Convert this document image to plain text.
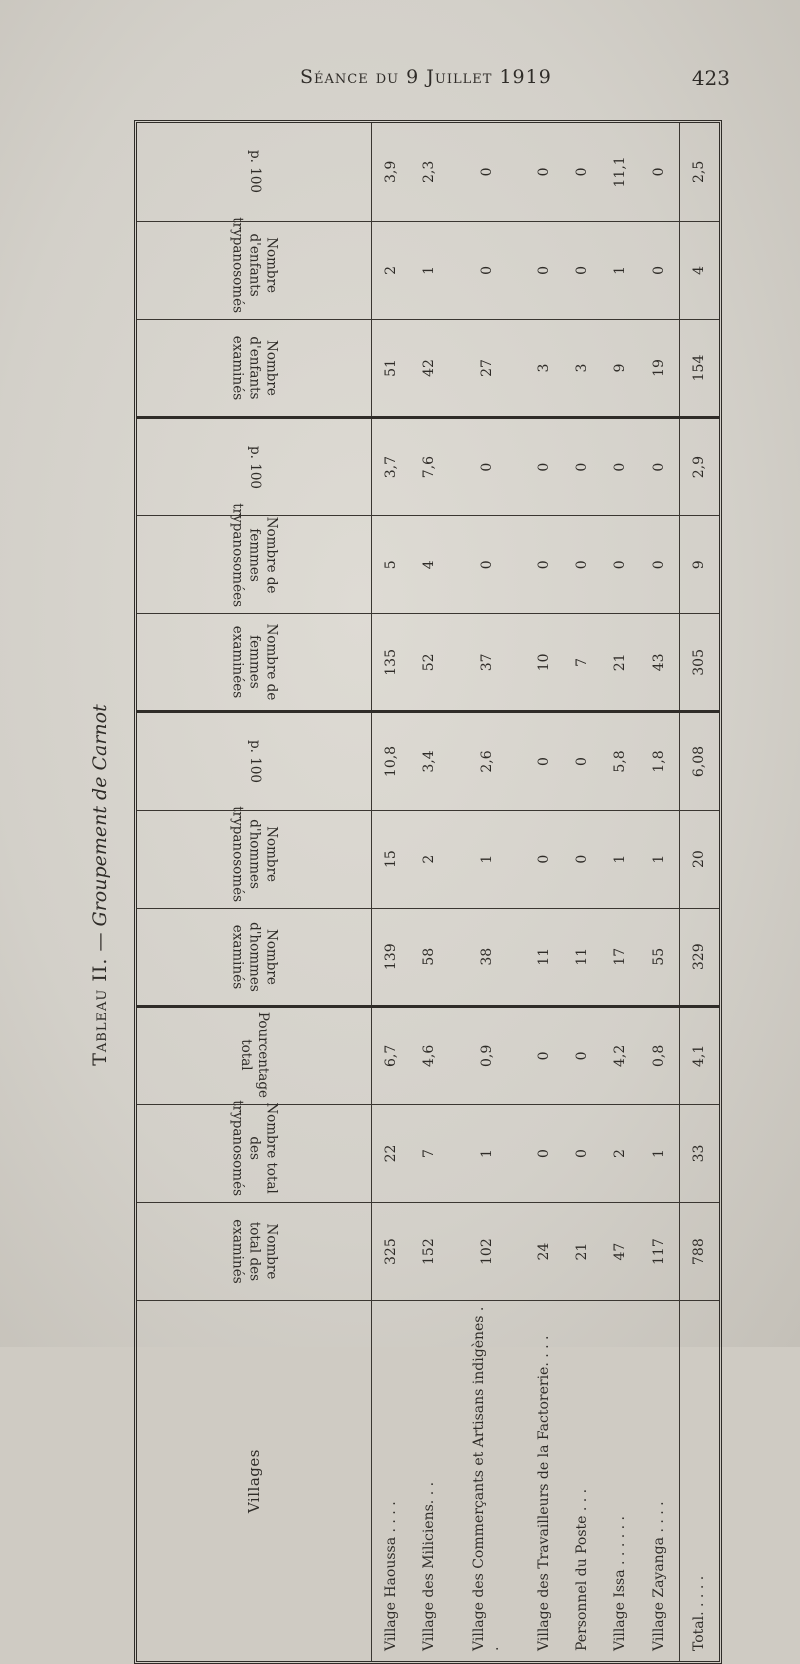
Séance du 9 Juillet 1919	423
Tableau II. — Groupement de Carnot
Villages	Nombre total des examinés	Nombre total des trypanosomés	Pourcentage total	Nombre d'hommes examinés	Nombre d'hommes trypanosomés	p. 100	Nombre de femmes examinées	Nombre de femmes trypanosomées	p. 100	Nombre d'enfants examinés	Nombre d'enfants trypanosomés	p. 100
Village Haoussa . . . .	325	22	6,7	139	15	10,8	135	5	3,7	51	2	3,9
Village des Miliciens. . .	152	7	4,6	58	2	3,4	52	4	7,6	42	1	2,3
Village des Commerçants et Artisans indigènes . .	102	1	0,9	38	1	2,6	37	0	0	27	0	0
Village des Travailleurs de la Factorerie. . . .	24	0	0	11	0	0	10	0	0	3	0	0
Personnel du Poste . . .	21	0	0	11	0	0	7	0	0	3	0	0
Village Issa . . . . . .	47	2	4,2	17	1	5,8	21	0	0	9	1	11,1
Village Zayanga . . . .	117	1	0,8	55	1	1,8	43	0	0	19	0	0
Total. . . . .	788	33	4,1	329	20	6,08	305	9	2,9	154	4	2,5
